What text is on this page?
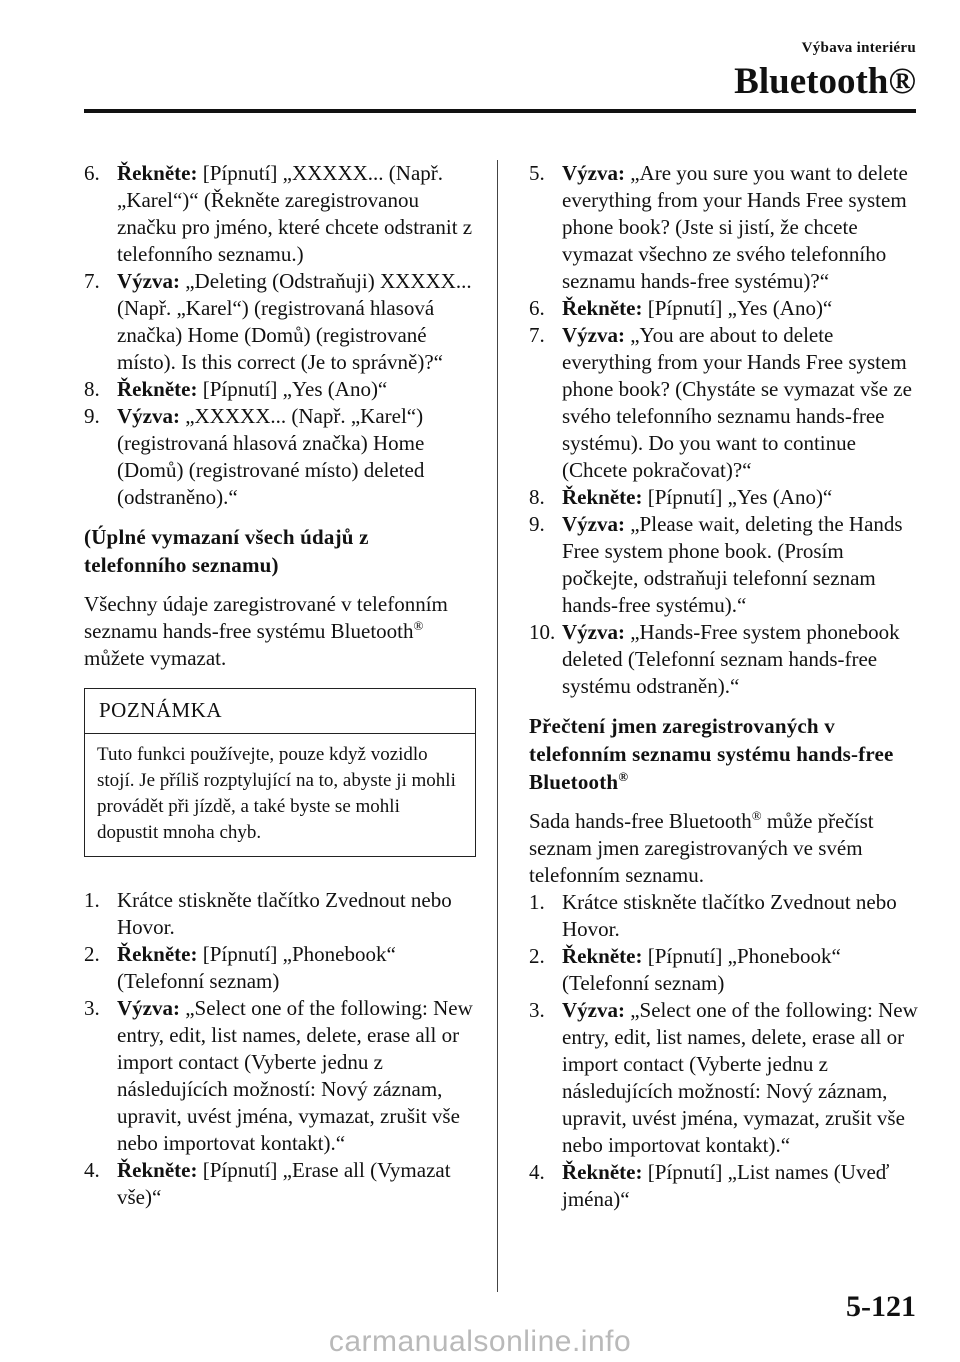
Výbava interiéru
Bluetooth®
6. Řekněte: [Pípnutí] „XXXXX... (Např. „Karel“)“ (Řekněte zaregistrovanou značku pro jméno, které chcete odstranit z telefonního seznamu.)
7. Výzva: „Deleting (Odstraňuji) XXXXX... (Např. „Karel“) (registrovaná hlasová značka) Home (Domů) (registrované místo). Is this correct (Je to správně)?“
8. Řekněte: [Pípnutí] „Yes (Ano)“
9. Výzva: „XXXXX... (Např. „Karel“) (registrovaná hlasová značka) Home (Domů) (registrované místo) deleted (odstraněno).“
(Úplné vymazaní všech údajů z telefonního seznamu)

Všechny údaje zaregistrované v telefonním seznamu hands-free systému Bluetooth® můžete vymazat.

POZNÁMKA
Tuto funkci používejte, pouze když vozidlo stojí. Je příliš rozptylující na to, abyste ji mohli provádět při jízdě, a také byste se mohli dopustit mnoha chyb.
1. Krátce stiskněte tlačítko Zvednout nebo Hovor.
2. Řekněte: [Pípnutí] „Phonebook“ (Telefonní seznam)
3. Výzva: „Select one of the following: New entry, edit, list names, delete, erase all or import contact (Vyberte jednu z následujících možností: Nový záznam, upravit, uvést jména, vymazat, zrušit vše nebo importovat kontakt).“
4. Řekněte: [Pípnutí] „Erase all (Vymazat vše)“
5. Výzva: „Are you sure you want to delete everything from your Hands Free system phone book? (Jste si jistí, že chcete vymazat všechno ze svého telefonního seznamu hands-free systému)?“
6. Řekněte: [Pípnutí] „Yes (Ano)“
7. Výzva: „You are about to delete everything from your Hands Free system phone book? (Chystáte se vymazat vše ze svého telefonního seznamu hands-free systému). Do you want to continue (Chcete pokračovat)?“
8. Řekněte: [Pípnutí] „Yes (Ano)“
9. Výzva: „Please wait, deleting the Hands Free system phone book. (Prosím počkejte, odstraňuji telefonní seznam hands-free systému).“
10. Výzva: „Hands-Free system phonebook deleted (Telefonní seznam hands-free systému odstraněn).“
Přečtení jmen zaregistrovaných v telefonním seznamu systému hands-free Bluetooth®

Sada hands-free Bluetooth® může přečíst seznam jmen zaregistrovaných ve svém telefonním seznamu.

1. Krátce stiskněte tlačítko Zvednout nebo Hovor.
2. Řekněte: [Pípnutí] „Phonebook“ (Telefonní seznam)
3. Výzva: „Select one of the following: New entry, edit, list names, delete, erase all or import contact (Vyberte jednu z následujících možností: Nový záznam, upravit, uvést jména, vymazat, zrušit vše nebo importovat kontakt).“
4. Řekněte: [Pípnutí] „List names (Uveď jména)“
5-121
carmanualsonline.info
